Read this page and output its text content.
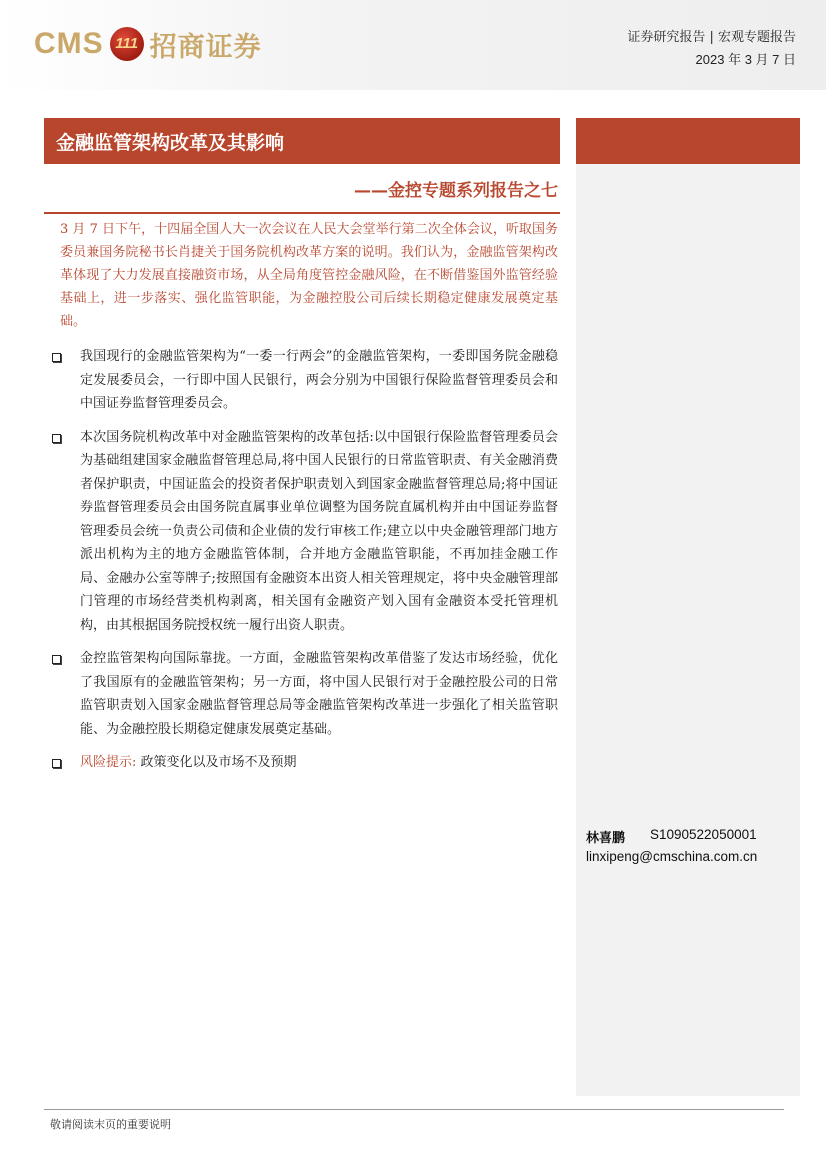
CMS 111 招商证券	证券研究报告 | 宏观专题报告
2023 年 3 月 7 日
金融监管架构改革及其影响
——金控专题系列报告之七
3 月 7 日下午，十四届全国人大一次会议在人民大会堂举行第二次全体会议，听取国务委员兼国务院秘书长肖捷关于国务院机构改革方案的说明。我们认为，金融监管架构改革体现了大力发展直接融资市场，从全局角度管控金融风险，在不断借鉴国外监管经验基础上，进一步落实、强化监管职能，为金融控股公司后续长期稳定健康发展奠定基础。
我国现行的金融监管架构为“一委一行两会”的金融监管架构，一委即国务院金融稳定发展委员会，一行即中国人民银行，两会分别为中国银行保险监督管理委员会和中国证券监督管理委员会。
本次国务院机构改革中对金融监管架构的改革包括:以中国银行保险监督管理委员会为基础组建国家金融监督管理总局,将中国人民银行的日常监管职责、有关金融消费者保护职责，中国证监会的投资者保护职责划入到国家金融监督管理总局;将中国证券监督管理委员会由国务院直属事业单位调整为国务院直属机构并由中国证券监督管理委员会统一负责公司债和企业债的发行审核工作;建立以中央金融管理部门地方派出机构为主的地方金融监管体制，合并地方金融监管职能，不再加挂金融工作局、金融办公室等牌子;按照国有金融资本出资人相关管理规定，将中央金融管理部门管理的市场经营类机构剥离，相关国有金融资产划入国有金融资本受托管理机构，由其根据国务院授权统一履行出资人职责。
金控监管架构向国际靠拢。一方面，金融监管架构改革借鉴了发达市场经验，优化了我国原有的金融监管架构；另一方面，将中国人民银行对于金融控股公司的日常监管职责划入国家金融监督管理总局等金融监管架构改革进一步强化了相关监管职能、为金融控股长期稳定健康发展奠定基础。
风险提示: 政策变化以及市场不及预期
林喜鹏 S1090522050001
linxipeng@cmschina.com.cn
敬请阅读末页的重要说明
